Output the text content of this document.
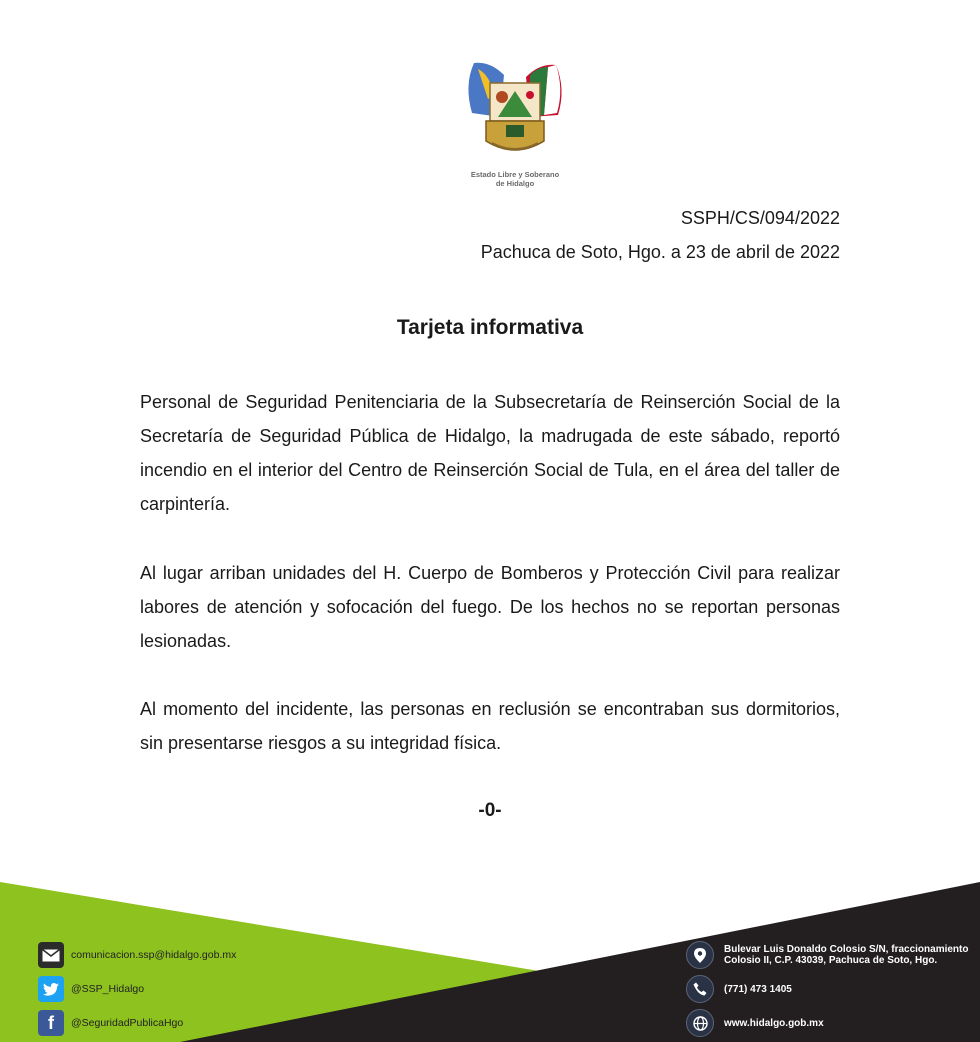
Estado Libre y Soberano
de Hidalgo
SSPH/CS/094/2022
Pachuca de Soto, Hgo. a 23 de abril de 2022
Tarjeta informativa
Personal de Seguridad Penitenciaria de la Subsecretaría de Reinserción Social de la Secretaría de Seguridad Pública de Hidalgo, la madrugada de este sábado, reportó incendio en el interior del Centro de Reinserción Social de Tula, en el área del taller de carpintería.
Al lugar arriban unidades del H. Cuerpo de Bomberos y Protección Civil para realizar labores de atención y sofocación del fuego. De los hechos no se reportan personas lesionadas.
Al momento del incidente, las personas en reclusión se encontraban sus dormitorios, sin presentarse riesgos a su integridad física.
-0-
comunicacion.ssp@hidalgo.gob.mx
@SSP_Hidalgo
f @SeguridadPublicaHgo
Bulevar Luis Donaldo Colosio S/N, fraccionamiento
Colosio II, C.P. 43039, Pachuca de Soto, Hgo.
(771) 473 1405
www.hidalgo.gob.mx
